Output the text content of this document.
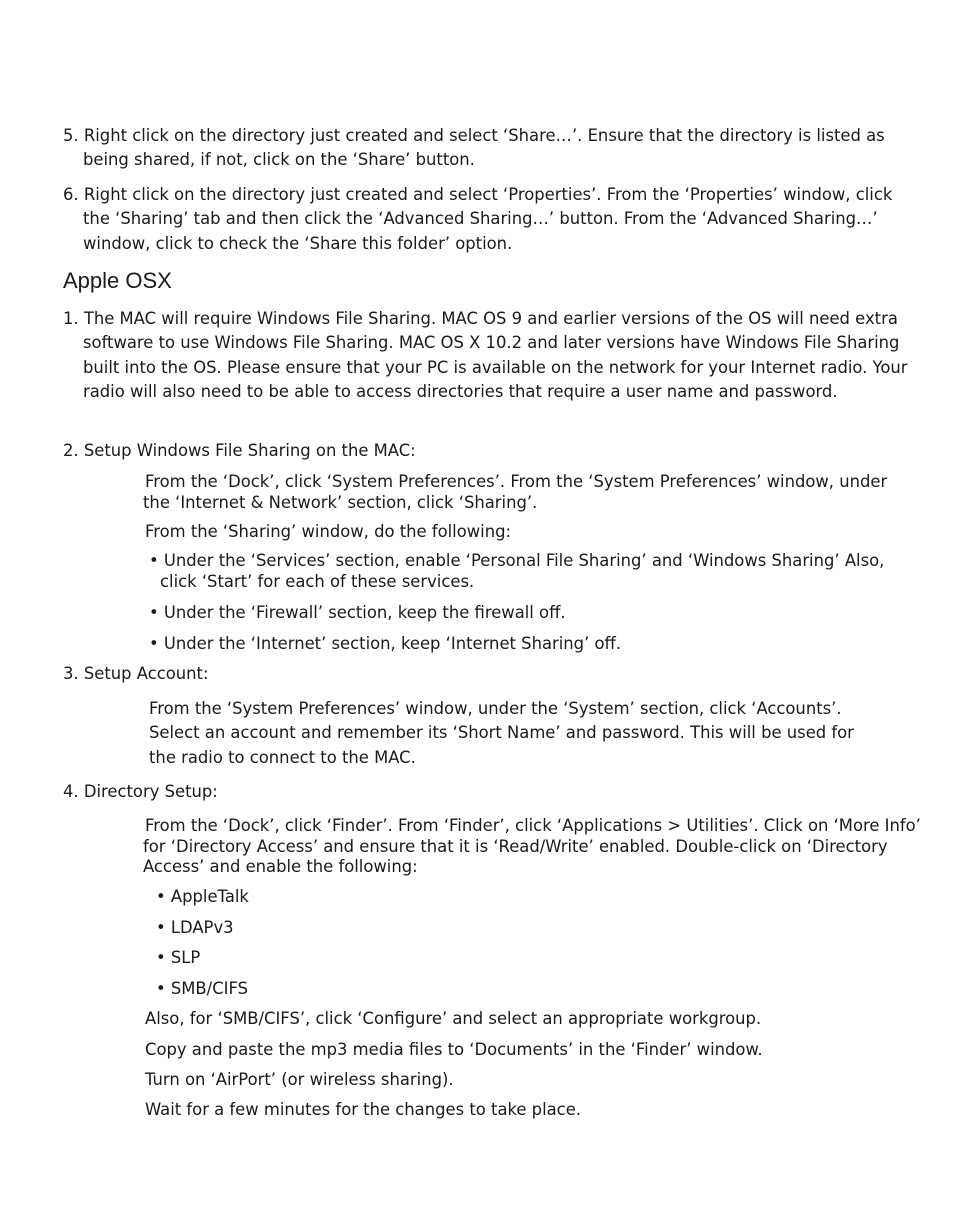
5. Right click on the directory just created and select ‘Share…’. Ensure that the directory is listed as being shared, if not, click on the ‘Share’ button.

6. Right click on the directory just created and select ‘Properties’. From the ‘Properties’ window, click the ‘Sharing’ tab and then click the ‘Advanced Sharing…’ button. From the ‘Advanced Sharing…’ window, click to check the ‘Share this folder’ option.

Apple OSX

1. The MAC will require Windows File Sharing. MAC OS 9 and earlier versions of the OS will need extra software to use Windows File Sharing. MAC OS X 10.2 and later versions have Windows File Sharing built into the OS. Please ensure that your PC is available on the network for your Internet radio. Your radio will also need to be able to access directories that require a user name and password.

2. Setup Windows File Sharing on the MAC:

From the ‘Dock’, click ‘System Preferences’. From the ‘System Preferences’ window, under

the ‘Internet & Network’ section, click ‘Sharing’.

From the ‘Sharing’ window, do the following:

• Under the ‘Services’ section, enable ‘Personal File Sharing’ and ‘Windows Sharing’ Also, click ‘Start’ for each of these services.

• Under the ‘Firewall’ section, keep the firewall off.

• Under the ‘Internet’ section, keep ‘Internet Sharing’ off.

3. Setup Account:

From the ‘System Preferences’ window, under the ‘System’ section, click ‘Accounts’. Select an account and remember its ‘Short Name’ and password. This will be used for the radio to connect to the MAC.

4. Directory Setup:

From the ‘Dock’, click ‘Finder’. From ‘Finder’, click ‘Applications > Utilities’. Click on ‘More Info’

for ‘Directory Access’ and ensure that it is ‘Read/Write’ enabled. Double-click on ‘Directory

Access’ and enable the following:

• AppleTalk

• LDAPv3

• SLP

• SMB/CIFS

Also, for ‘SMB/CIFS’, click ‘Configure’ and select an appropriate workgroup.

Copy and paste the mp3 media files to ‘Documents’ in the ‘Finder’ window.

Turn on ‘AirPort’ (or wireless sharing).

Wait for a few minutes for the changes to take place.
